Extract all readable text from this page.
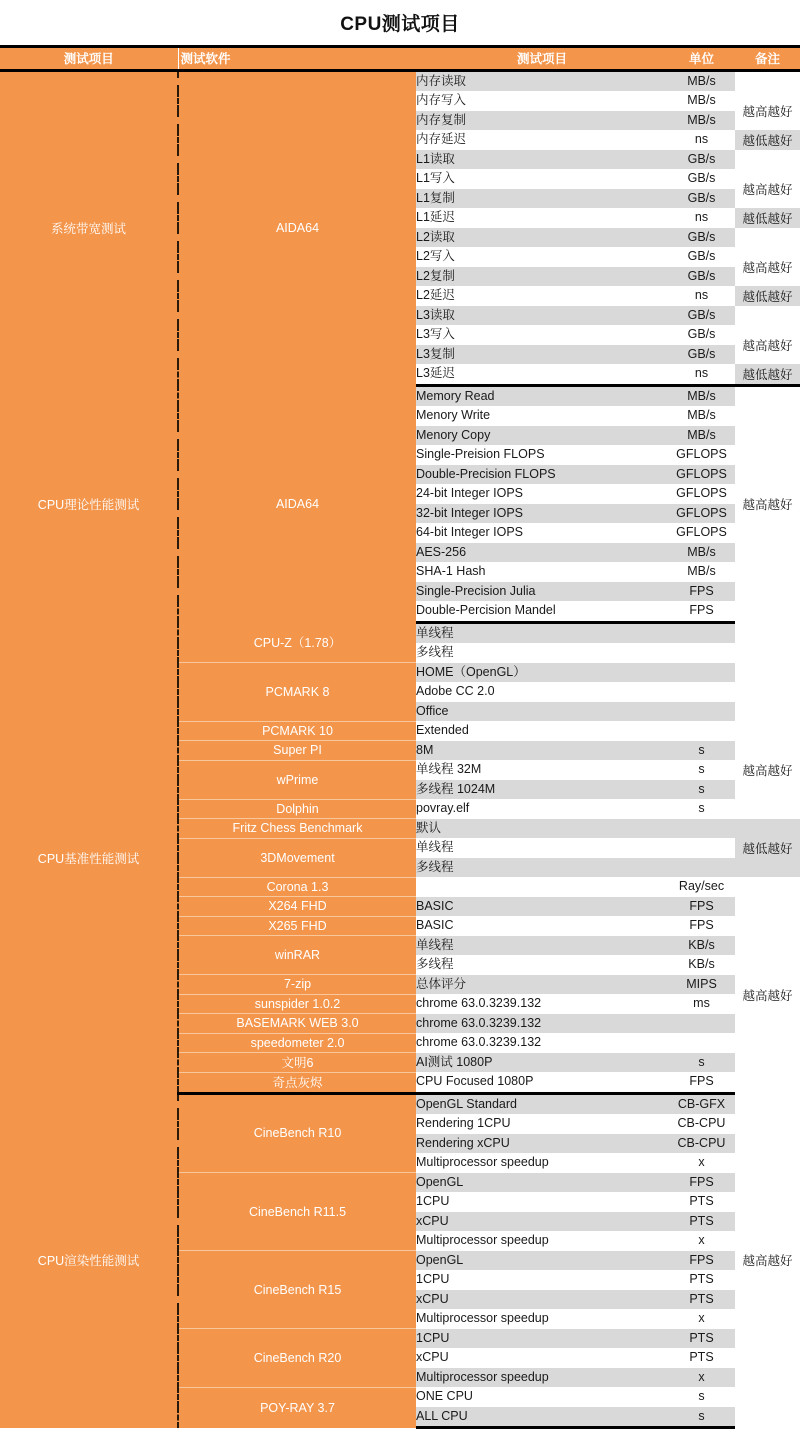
CPU测试项目
测试项目	测试软件	测试项目	单位	备注
系统带宽测试	AIDA64	内存读取	MB/s	
		内存写入	MB/s	越高越好
		内存复制	MB/s	
		内存延迟	ns	越低越好
		L1读取	GB/s	
		L1写入	GB/s	越高越好
		L1复制	GB/s	
		L1延迟	ns	越低越好
		L2读取	GB/s	
		L2写入	GB/s	越高越好
		L2复制	GB/s	
		L2延迟	ns	越低越好
		L3读取	GB/s	
		L3写入	GB/s	越高越好
		L3复制	GB/s	
		L3延迟	ns	越低越好
CPU理论性能测试	AIDA64	Memory Read	MB/s	越高越好
		Menory Write	MB/s	
		Menory Copy	MB/s	
		Single-Preision FLOPS	GFLOPS	
		Double-Precision FLOPS	GFLOPS	
		24-bit Integer IOPS	GFLOPS	
		32-bit Integer IOPS	GFLOPS	
		64-bit Integer IOPS	GFLOPS	
		AES-256	MB/s	
		SHA-1 Hash	MB/s	
		Single-Precision Julia	FPS	
		Double-Percision Mandel	FPS	
CPU基准性能测试	CPU-Z（1.78）	单线程		
		多线程		
	PCMARK 8	HOME（OpenGL）		
		Adobe CC 2.0		
		Office		
	PCMARK 10	Extended		
	Super PI	8M	s	越高越好
	wPrime	单线程 32M	s	
		多线程 1024M	s	
	Dolphin	povray.elf	s	
	Fritz Chess Benchmark	默认		越低越好
	3DMovement	单线程		
		多线程		
	Corona 1.3		Ray/sec	
	X264 FHD	BASIC	FPS	越高越好
	X265 FHD	BASIC	FPS	
	winRAR	单线程	KB/s	
		多线程	KB/s	
	7-zip	总体评分	MIPS	
	sunspider 1.0.2	chrome 63.0.3239.132	ms	
	BASEMARK WEB 3.0	chrome 63.0.3239.132		
	speedometer 2.0	chrome 63.0.3239.132		
	文明6	AI测试 1080P	s	
	奇点灰烬	CPU Focused 1080P	FPS	
CPU渲染性能测试	CineBench R10	OpenGL Standard	CB-GFX	越高越好
		Rendering 1CPU	CB-CPU	
		Rendering xCPU	CB-CPU	
		Multiprocessor speedup	x	
	CineBench R11.5	OpenGL	FPS	
		1CPU	PTS	
		xCPU	PTS	
		Multiprocessor speedup	x	
	CineBench R15	OpenGL	FPS	
		1CPU	PTS	
		xCPU	PTS	
		Multiprocessor speedup	x	
	CineBench R20	1CPU	PTS	
		xCPU	PTS	
		Multiprocessor speedup	x	
	POY-RAY 3.7	ONE CPU	s	
		ALL CPU	s	
